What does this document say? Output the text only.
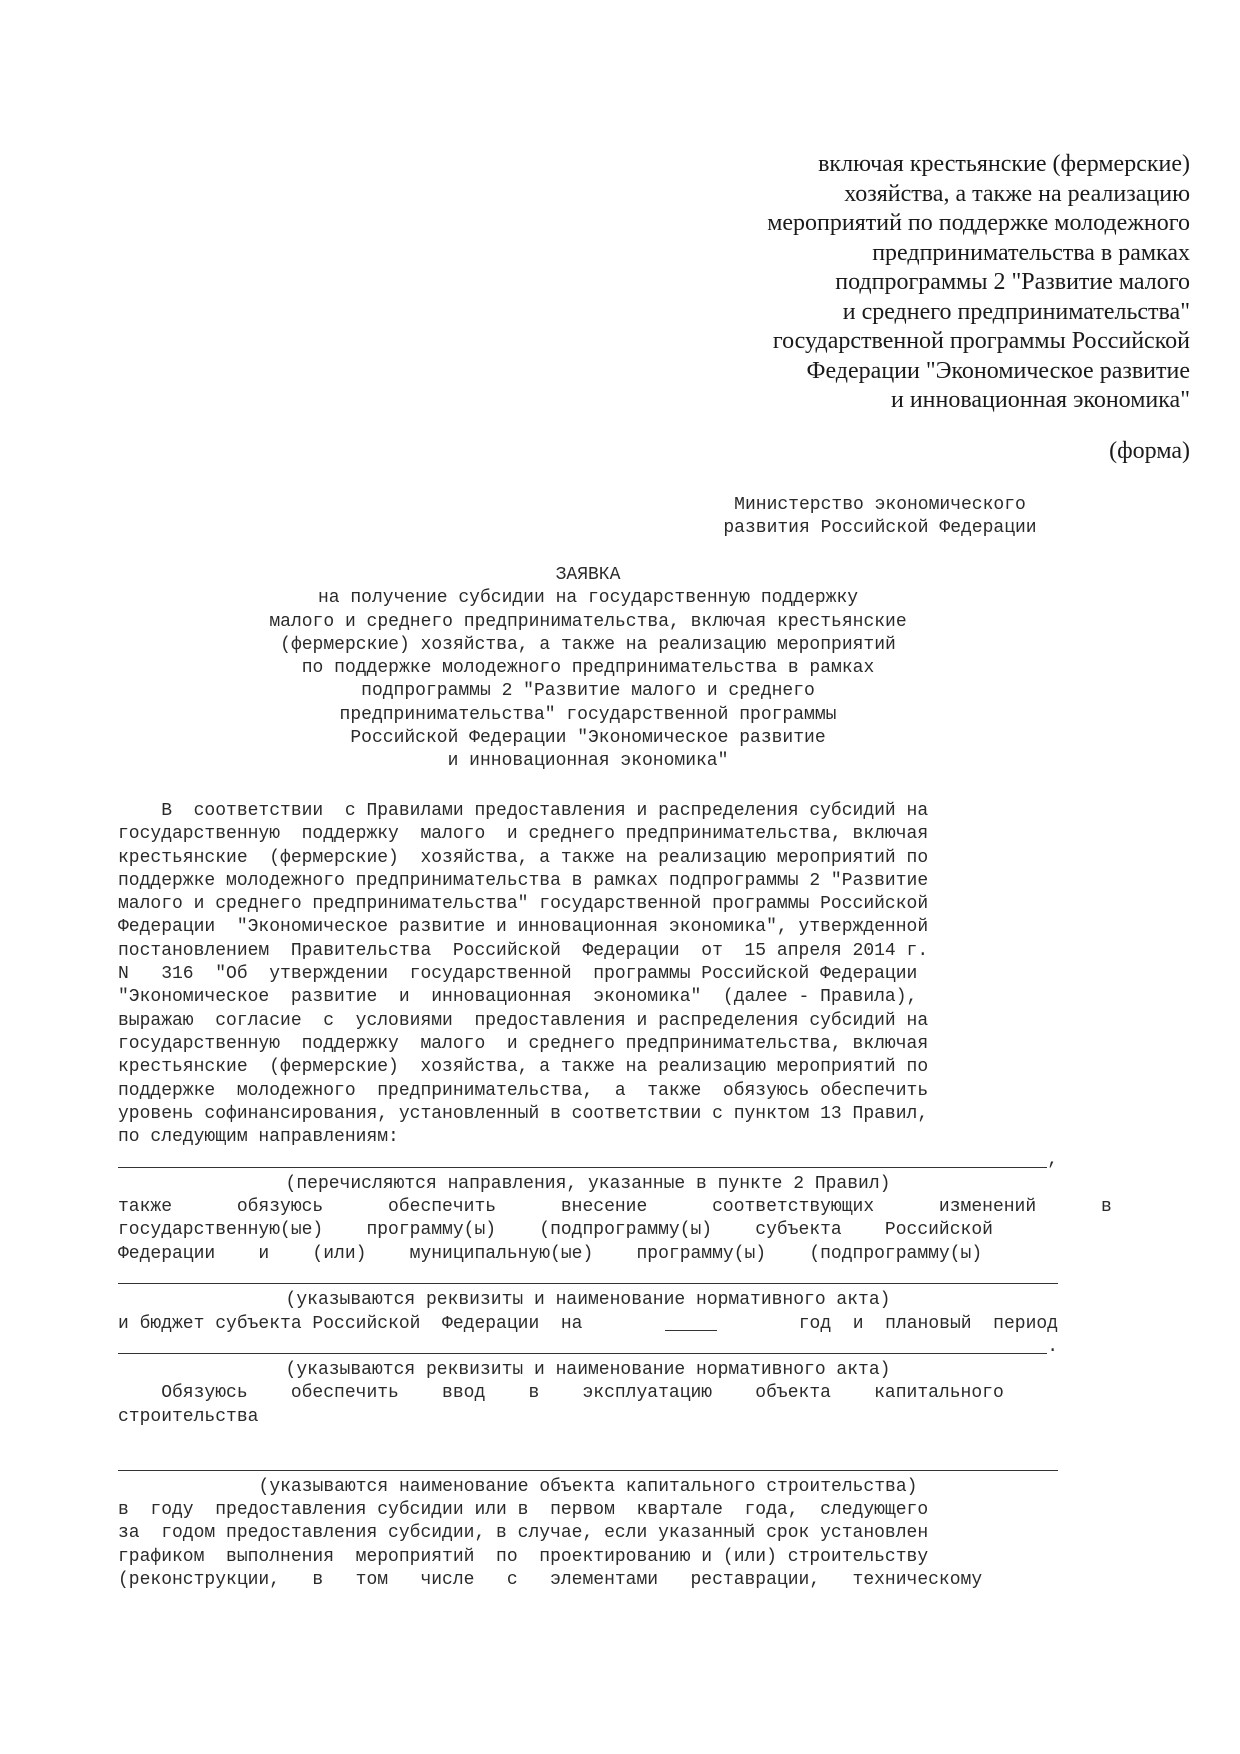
включая крестьянские (фермерские)
хозяйства, а также на реализацию
мероприятий по поддержке молодежного
предпринимательства в рамках
подпрограммы 2 "Развитие малого
и среднего предпринимательства"
государственной программы Российской
Федерации "Экономическое развитие
и инновационная экономика"
(форма)
Министерство экономического
развития Российской Федерации
ЗАЯВКА
на получение субсидии на государственную поддержку
малого и среднего предпринимательства, включая крестьянские
(фермерские) хозяйства, а также на реализацию мероприятий
по поддержке молодежного предпринимательства в рамках
подпрограммы 2 "Развитие малого и среднего
предпринимательства" государственной программы
Российской Федерации "Экономическое развитие
и инновационная экономика"
В  соответствии  с Правилами предоставления и распределения субсидий на
государственную  поддержку  малого  и среднего предпринимательства, включая
крестьянские  (фермерские)  хозяйства, а также на реализацию мероприятий по
поддержке молодежного предпринимательства в рамках подпрограммы 2 "Развитие
малого и среднего предпринимательства" государственной программы Российской
Федерации  "Экономическое развитие и инновационная экономика", утвержденной
постановлением  Правительства  Российской  Федерации  от  15 апреля 2014 г.
N   316  "Об  утверждении  государственной  программы Российской Федерации
"Экономическое  развитие  и  инновационная  экономика"  (далее - Правила),
выражаю  согласие  с  условиями  предоставления и распределения субсидий на
государственную  поддержку  малого  и среднего предпринимательства, включая
крестьянские  (фермерские)  хозяйства, а также на реализацию мероприятий по
поддержке  молодежного  предпринимательства,  а  также  обязуюсь обеспечить
уровень софинансирования, установленный в соответствии с пунктом 13 Правил,
по следующим направлениям:
,
(перечисляются направления, указанные в пункте 2 Правил)
также      обязуюсь      обеспечить      внесение      соответствующих      изменений      в
государственную(ые)    программу(ы)    (подпрограмму(ы)    субъекта    Российской
Федерации    и    (или)    муниципальную(ые)    программу(ы)    (подпрограмму(ы)
(указываются реквизиты и наименование нормативного акта)
и бюджет субъекта Российской  Федерации  на	год  и  плановый  период
.
(указываются реквизиты и наименование нормативного акта)
Обязуюсь    обеспечить    ввод    в    эксплуатацию    объекта    капитального
строительства
(указываются наименование объекта капитального строительства)
в  году  предоставления субсидии или в  первом  квартале  года,  следующего
за  годом предоставления субсидии, в случае, если указанный срок установлен
графиком  выполнения  мероприятий  по  проектированию и (или) строительству
(реконструкции,   в   том   числе   с   элементами   реставрации,   техническому
